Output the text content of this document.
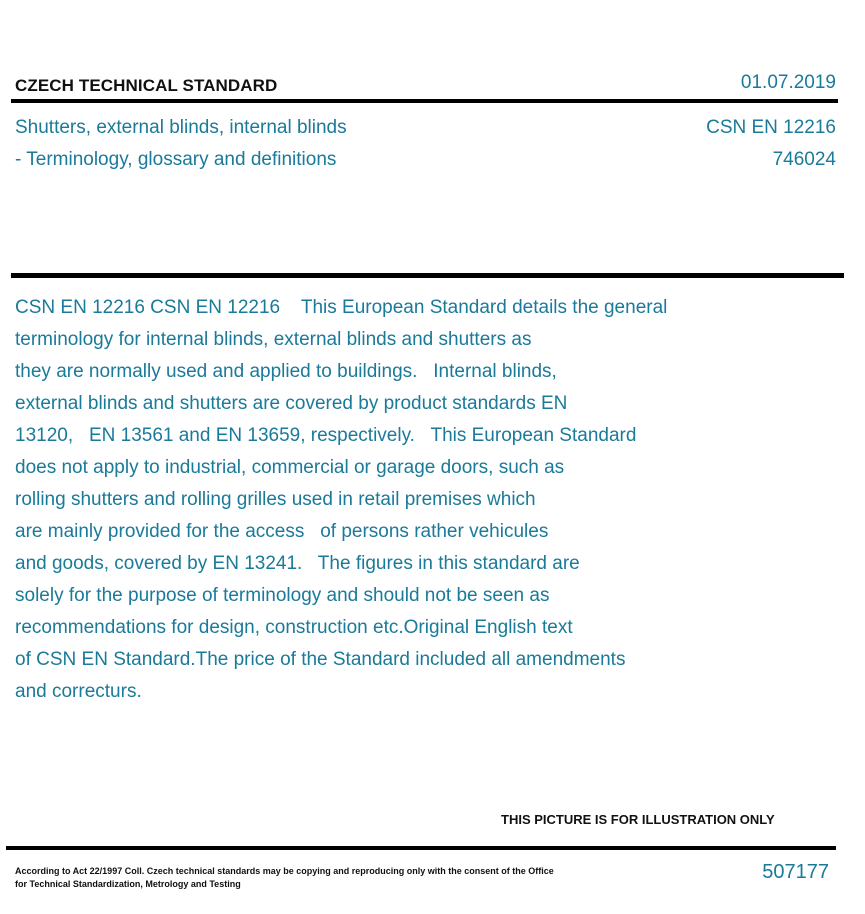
CZECH TECHNICAL STANDARD	01.07.2019
Shutters, external blinds, internal blinds
- Terminology, glossary and definitions
CSN EN 12216
746024
CSN EN 12216 CSN EN 12216    This European Standard details the general
terminology for internal blinds, external blinds and shutters as
they are normally used and applied to buildings.   Internal blinds,
external blinds and shutters are covered by product standards EN
13120,   EN 13561 and EN 13659, respectively.   This European Standard
does not apply to industrial, commercial or garage doors, such as
rolling shutters and rolling grilles used in retail premises which
are mainly provided for the access   of persons rather vehicules
and goods, covered by EN 13241.   The figures in this standard are
solely for the purpose of terminology and should not be seen as
recommendations for design, construction etc.Original English text
of CSN EN Standard.The price of the Standard included all amendments
and correcturs.
THIS PICTURE IS FOR ILLUSTRATION ONLY
According to Act 22/1997 Coll. Czech technical standards may be copying and reproducing only with the consent of the Office
for Technical Standardization, Metrology and Testing
507177
